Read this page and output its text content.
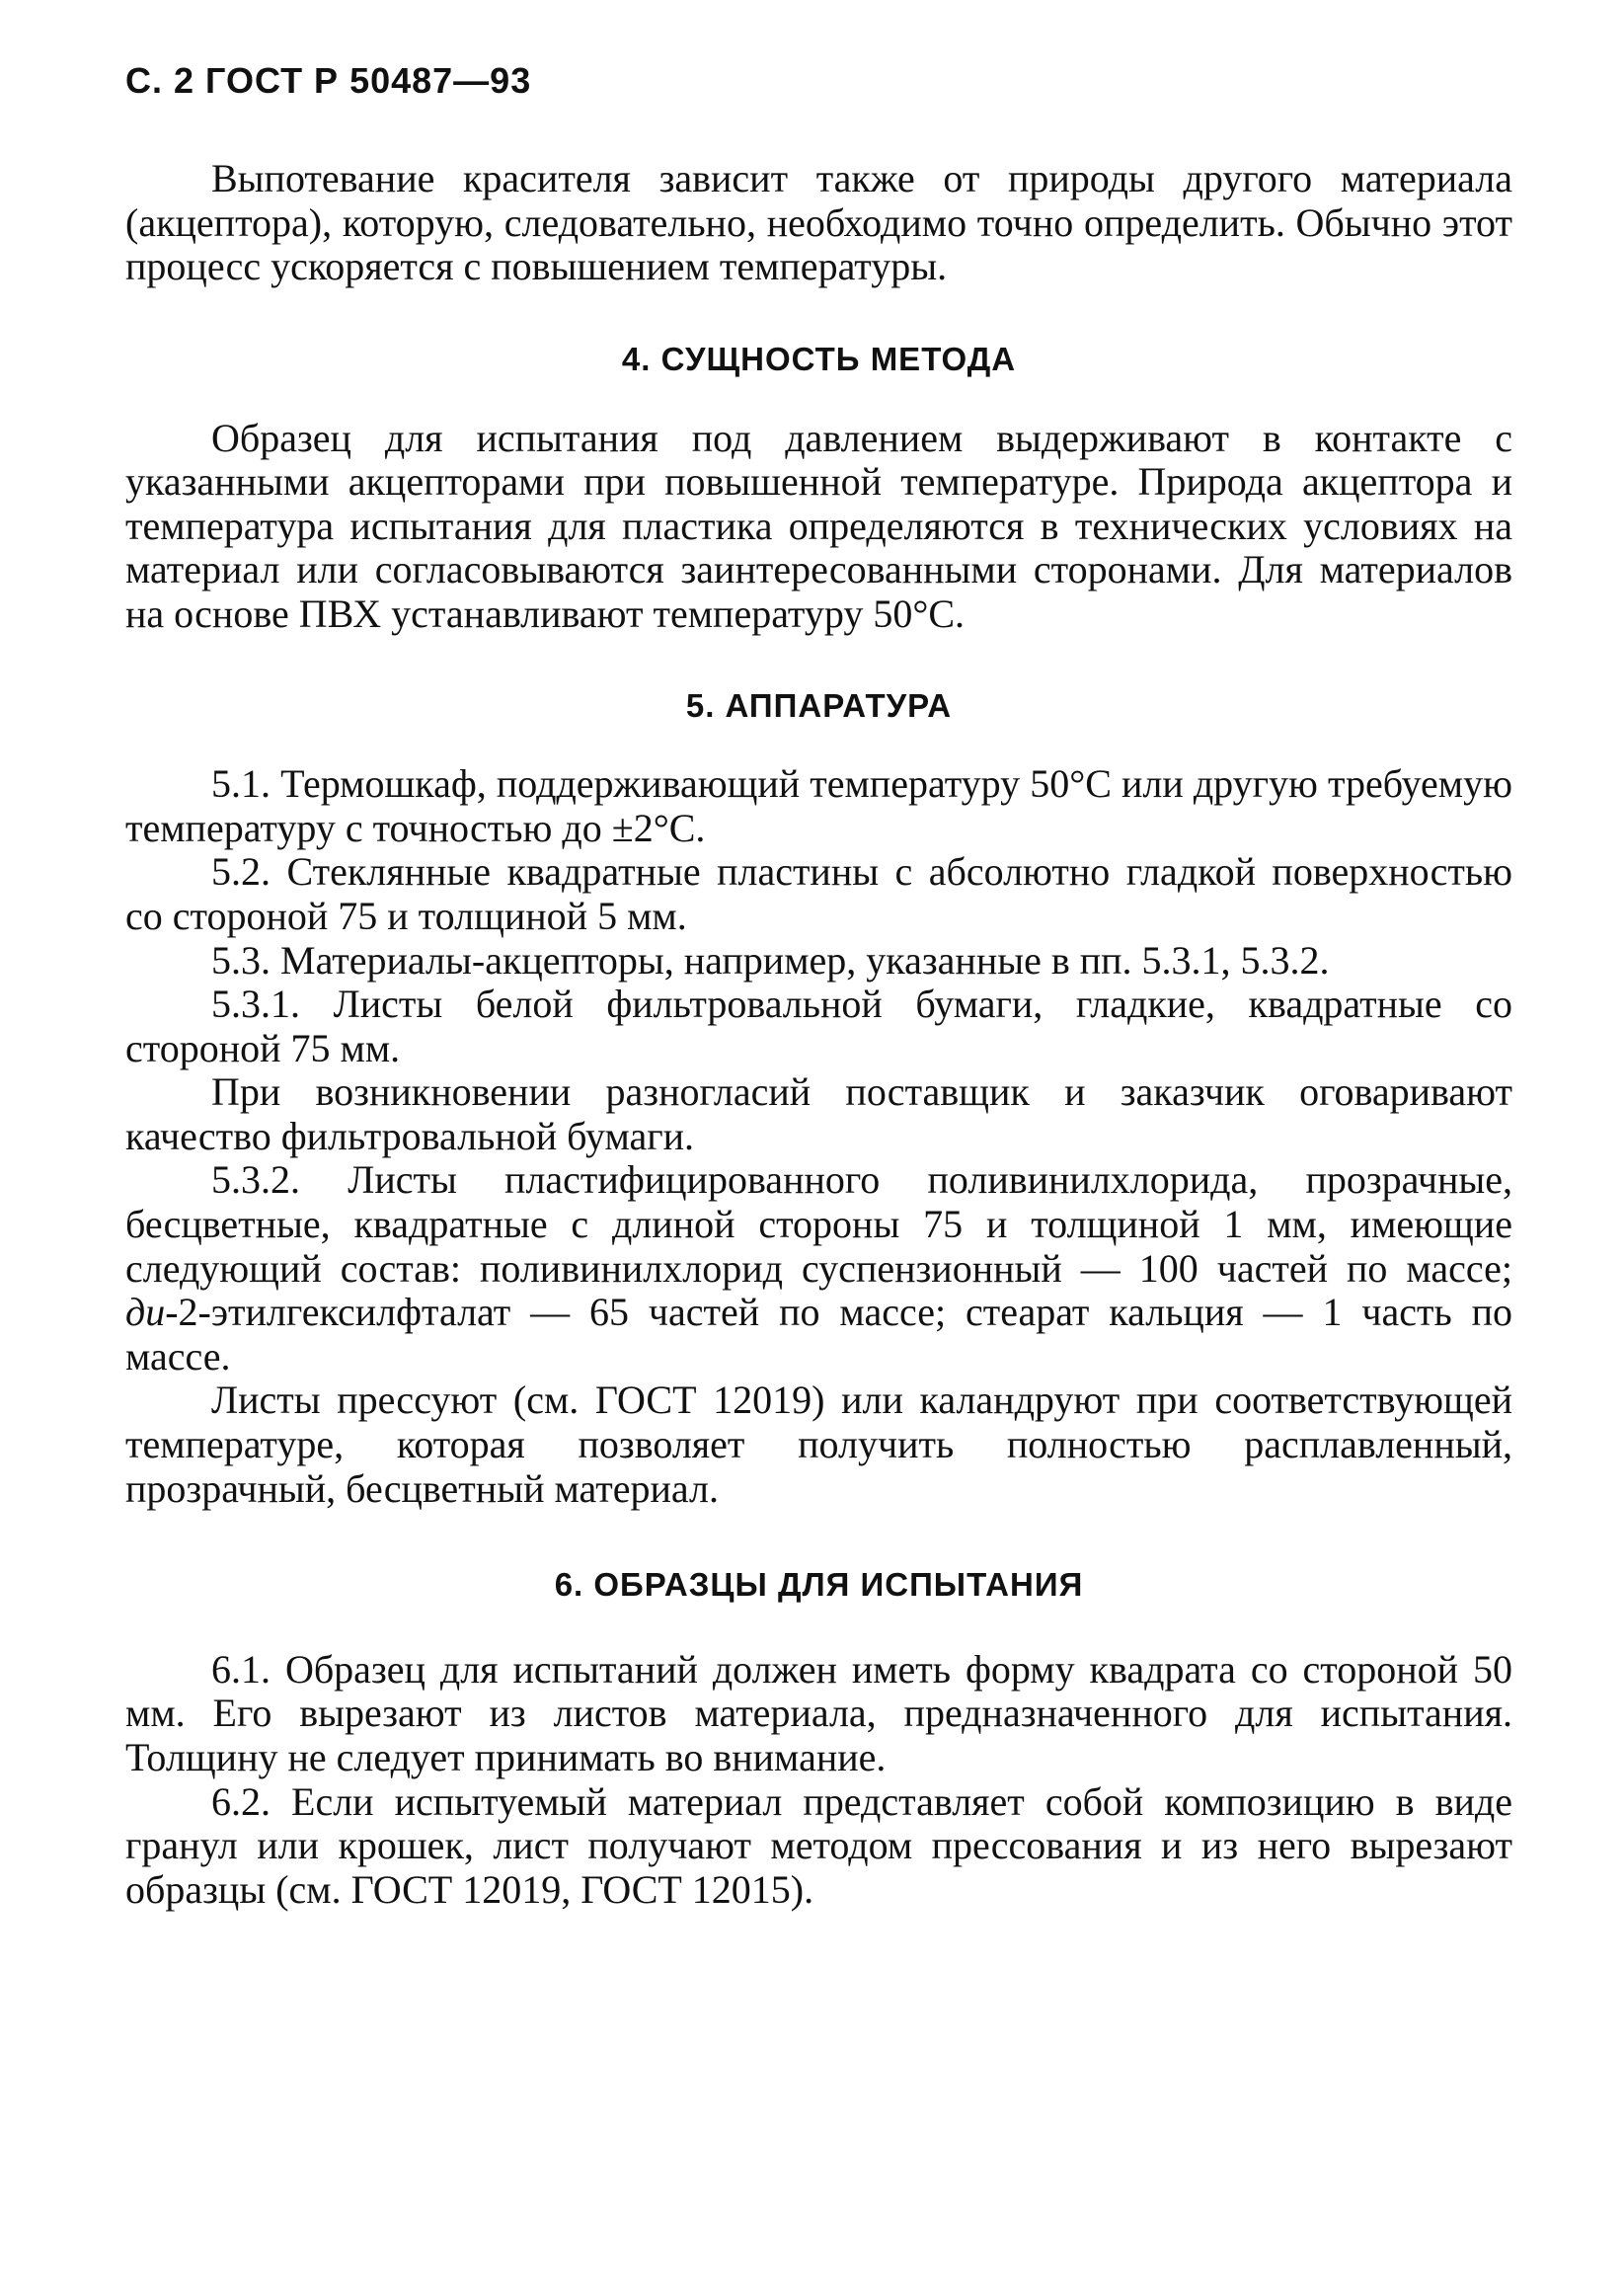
С. 2 ГОСТ Р 50487—93

Выпотевание красителя зависит также от природы другого материала (акцептора), которую, следовательно, необходимо точно определить. Обычно этот процесс ускоряется с повышением температуры.

4. СУЩНОСТЬ МЕТОДА

Образец для испытания под давлением выдерживают в контакте с указанными акцепторами при повышенной температуре. Природа акцептора и температура испытания для пластика определяются в технических условиях на материал или согласовываются заинтересованными сторонами. Для материалов на основе ПВХ устанавливают температуру 50°С.

5. АППАРАТУРА

5.1. Термошкаф, поддерживающий температуру 50°С или другую требуемую температуру с точностью до ±2°С.

5.2. Стеклянные квадратные пластины с абсолютно гладкой поверхностью со стороной 75 и толщиной 5 мм.

5.3. Материалы-акцепторы, например, указанные в пп. 5.3.1, 5.3.2.

5.3.1. Листы белой фильтровальной бумаги, гладкие, квадратные со стороной 75 мм.

При возникновении разногласий поставщик и заказчик оговаривают качество фильтровальной бумаги.

5.3.2. Листы пластифицированного поливинилхлорида, прозрачные, бесцветные, квадратные с длиной стороны 75 и толщиной 1 мм, имеющие следующий состав: поливинилхлорид суспензионный — 100 частей по массе; ди-2-этилгексилфталат — 65 частей по массе; стеарат кальция — 1 часть по массе.

Листы прессуют (см. ГОСТ 12019) или каландруют при соответствующей температуре, которая позволяет получить полностью расплавленный, прозрачный, бесцветный материал.

6. ОБРАЗЦЫ ДЛЯ ИСПЫТАНИЯ

6.1. Образец для испытаний должен иметь форму квадрата со стороной 50 мм. Его вырезают из листов материала, предназначенного для испытания. Толщину не следует принимать во внимание.

6.2. Если испытуемый материал представляет собой композицию в виде гранул или крошек, лист получают методом прессования и из него вырезают образцы (см. ГОСТ 12019, ГОСТ 12015).
